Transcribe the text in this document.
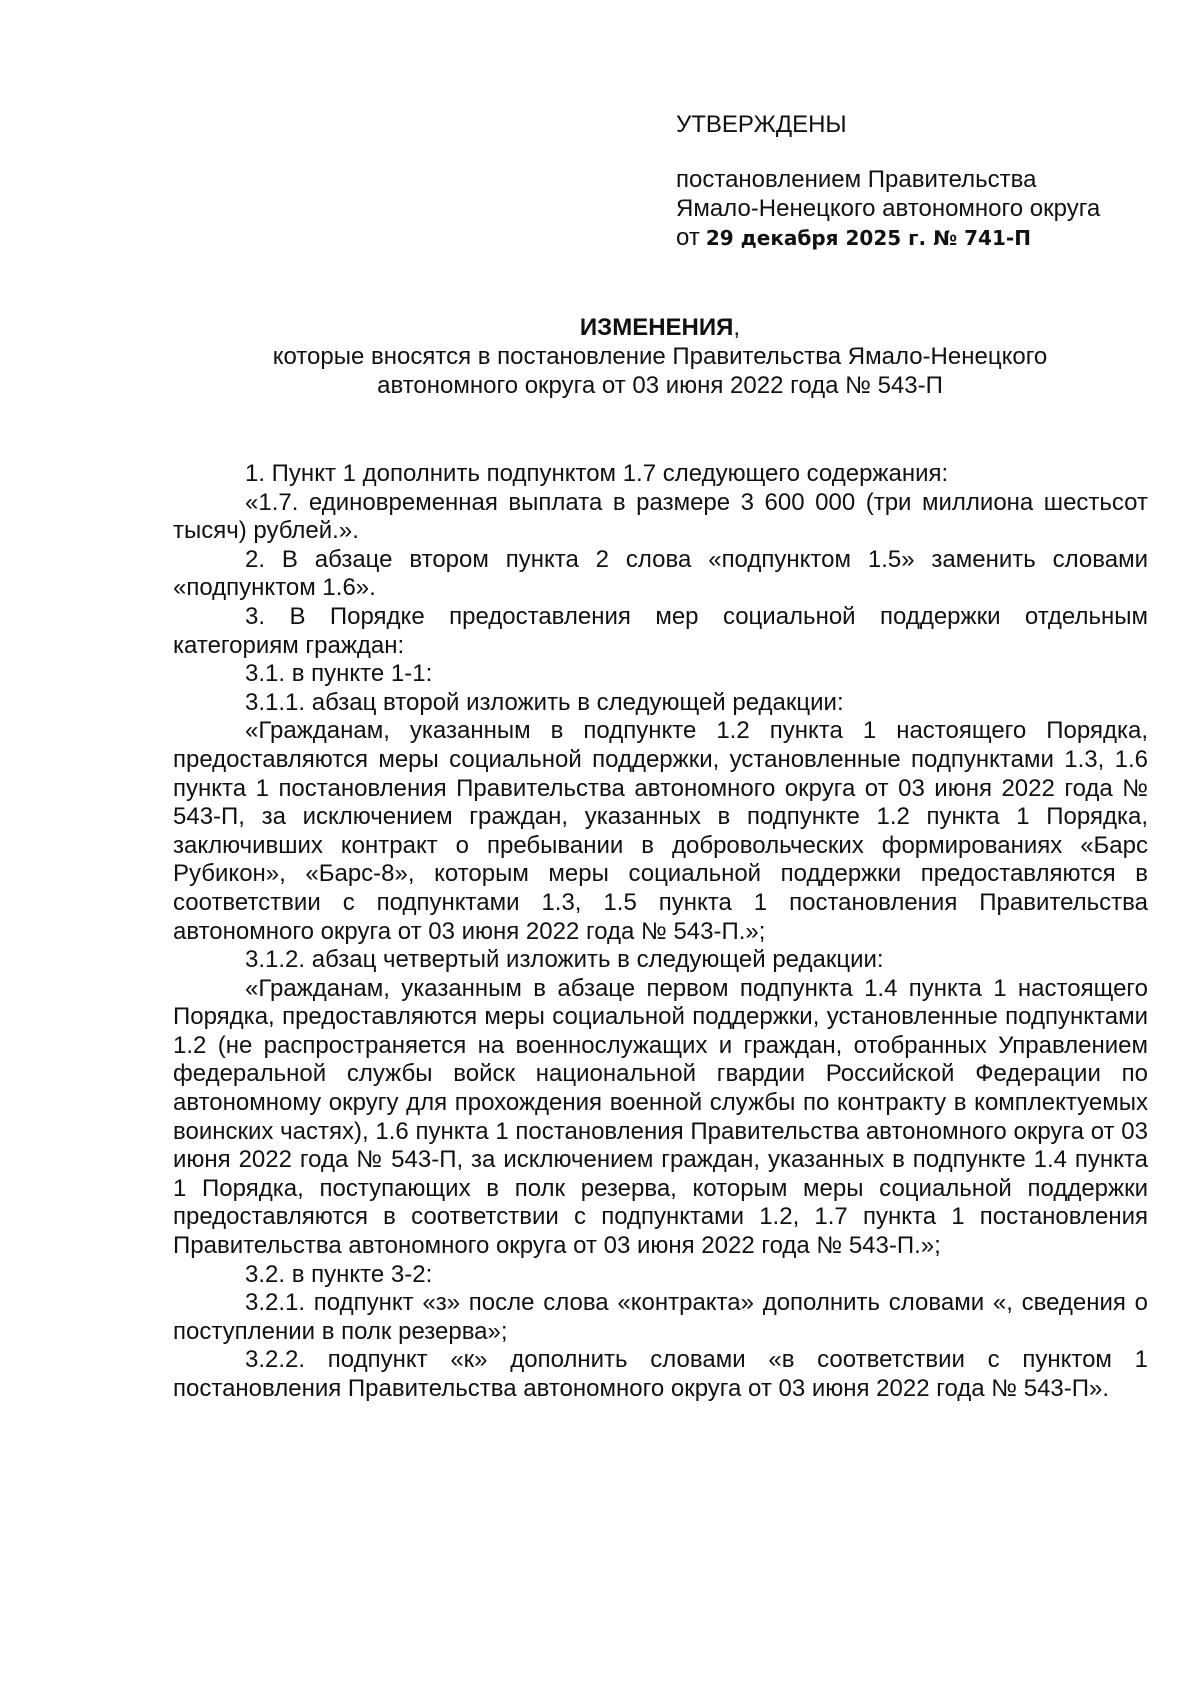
УТВЕРЖДЕНЫ
постановлением Правительства
Ямало-Ненецкого автономного округа
от 29 декабря 2025 г. № 741-П
ИЗМЕНЕНИЯ,
которые вносятся в постановление Правительства Ямало-Ненецкого
автономного округа от 03 июня 2022 года № 543-П

1. Пункт 1 дополнить подпунктом 1.7 следующего содержания:

«1.7. единовременная выплата в размере 3 600 000 (три миллиона шестьсот тысяч) рублей.».

2. В абзаце втором пункта 2 слова «подпунктом 1.5» заменить словами «подпунктом 1.6».

3. В Порядке предоставления мер социальной поддержки отдельным категориям граждан:

3.1. в пункте 1-1:

3.1.1. абзац второй изложить в следующей редакции:

«Гражданам, указанным в подпункте 1.2 пункта 1 настоящего Порядка, предоставляются меры социальной поддержки, установленные подпунктами 1.3, 1.6 пункта 1 постановления Правительства автономного округа от 03 июня 2022 года № 543-П, за исключением граждан, указанных в подпункте 1.2 пункта 1 Порядка, заключивших контракт о пребывании в добровольческих формированиях «Барс Рубикон», «Барс-8», которым меры социальной поддержки предоставляются в соответствии с подпунктами 1.3, 1.5 пункта 1 постановления Правительства автономного округа от 03 июня 2022 года № 543-П.»;

3.1.2. абзац четвертый изложить в следующей редакции:

«Гражданам, указанным в абзаце первом подпункта 1.4 пункта 1 настоящего Порядка, предоставляются меры социальной поддержки, установленные подпунктами 1.2 (не распространяется на военнослужащих и граждан, отобранных Управлением федеральной службы войск национальной гвардии Российской Федерации по автономному округу для прохождения военной службы по контракту в комплектуемых воинских частях), 1.6 пункта 1 постановления Правительства автономного округа от 03 июня 2022 года № 543-П, за исключением граждан, указанных в подпункте 1.4 пункта 1 Порядка, поступающих в полк резерва, которым меры социальной поддержки предоставляются в соответствии с подпунктами 1.2, 1.7 пункта 1 постановления Правительства автономного округа от 03 июня 2022 года № 543-П.»;

3.2. в пункте 3-2:

3.2.1. подпункт «з» после слова «контракта» дополнить словами «, сведения о поступлении в полк резерва»;

3.2.2. подпункт «к» дополнить словами «в соответствии с пунктом 1 постановления Правительства автономного округа от 03 июня 2022 года № 543-П».
